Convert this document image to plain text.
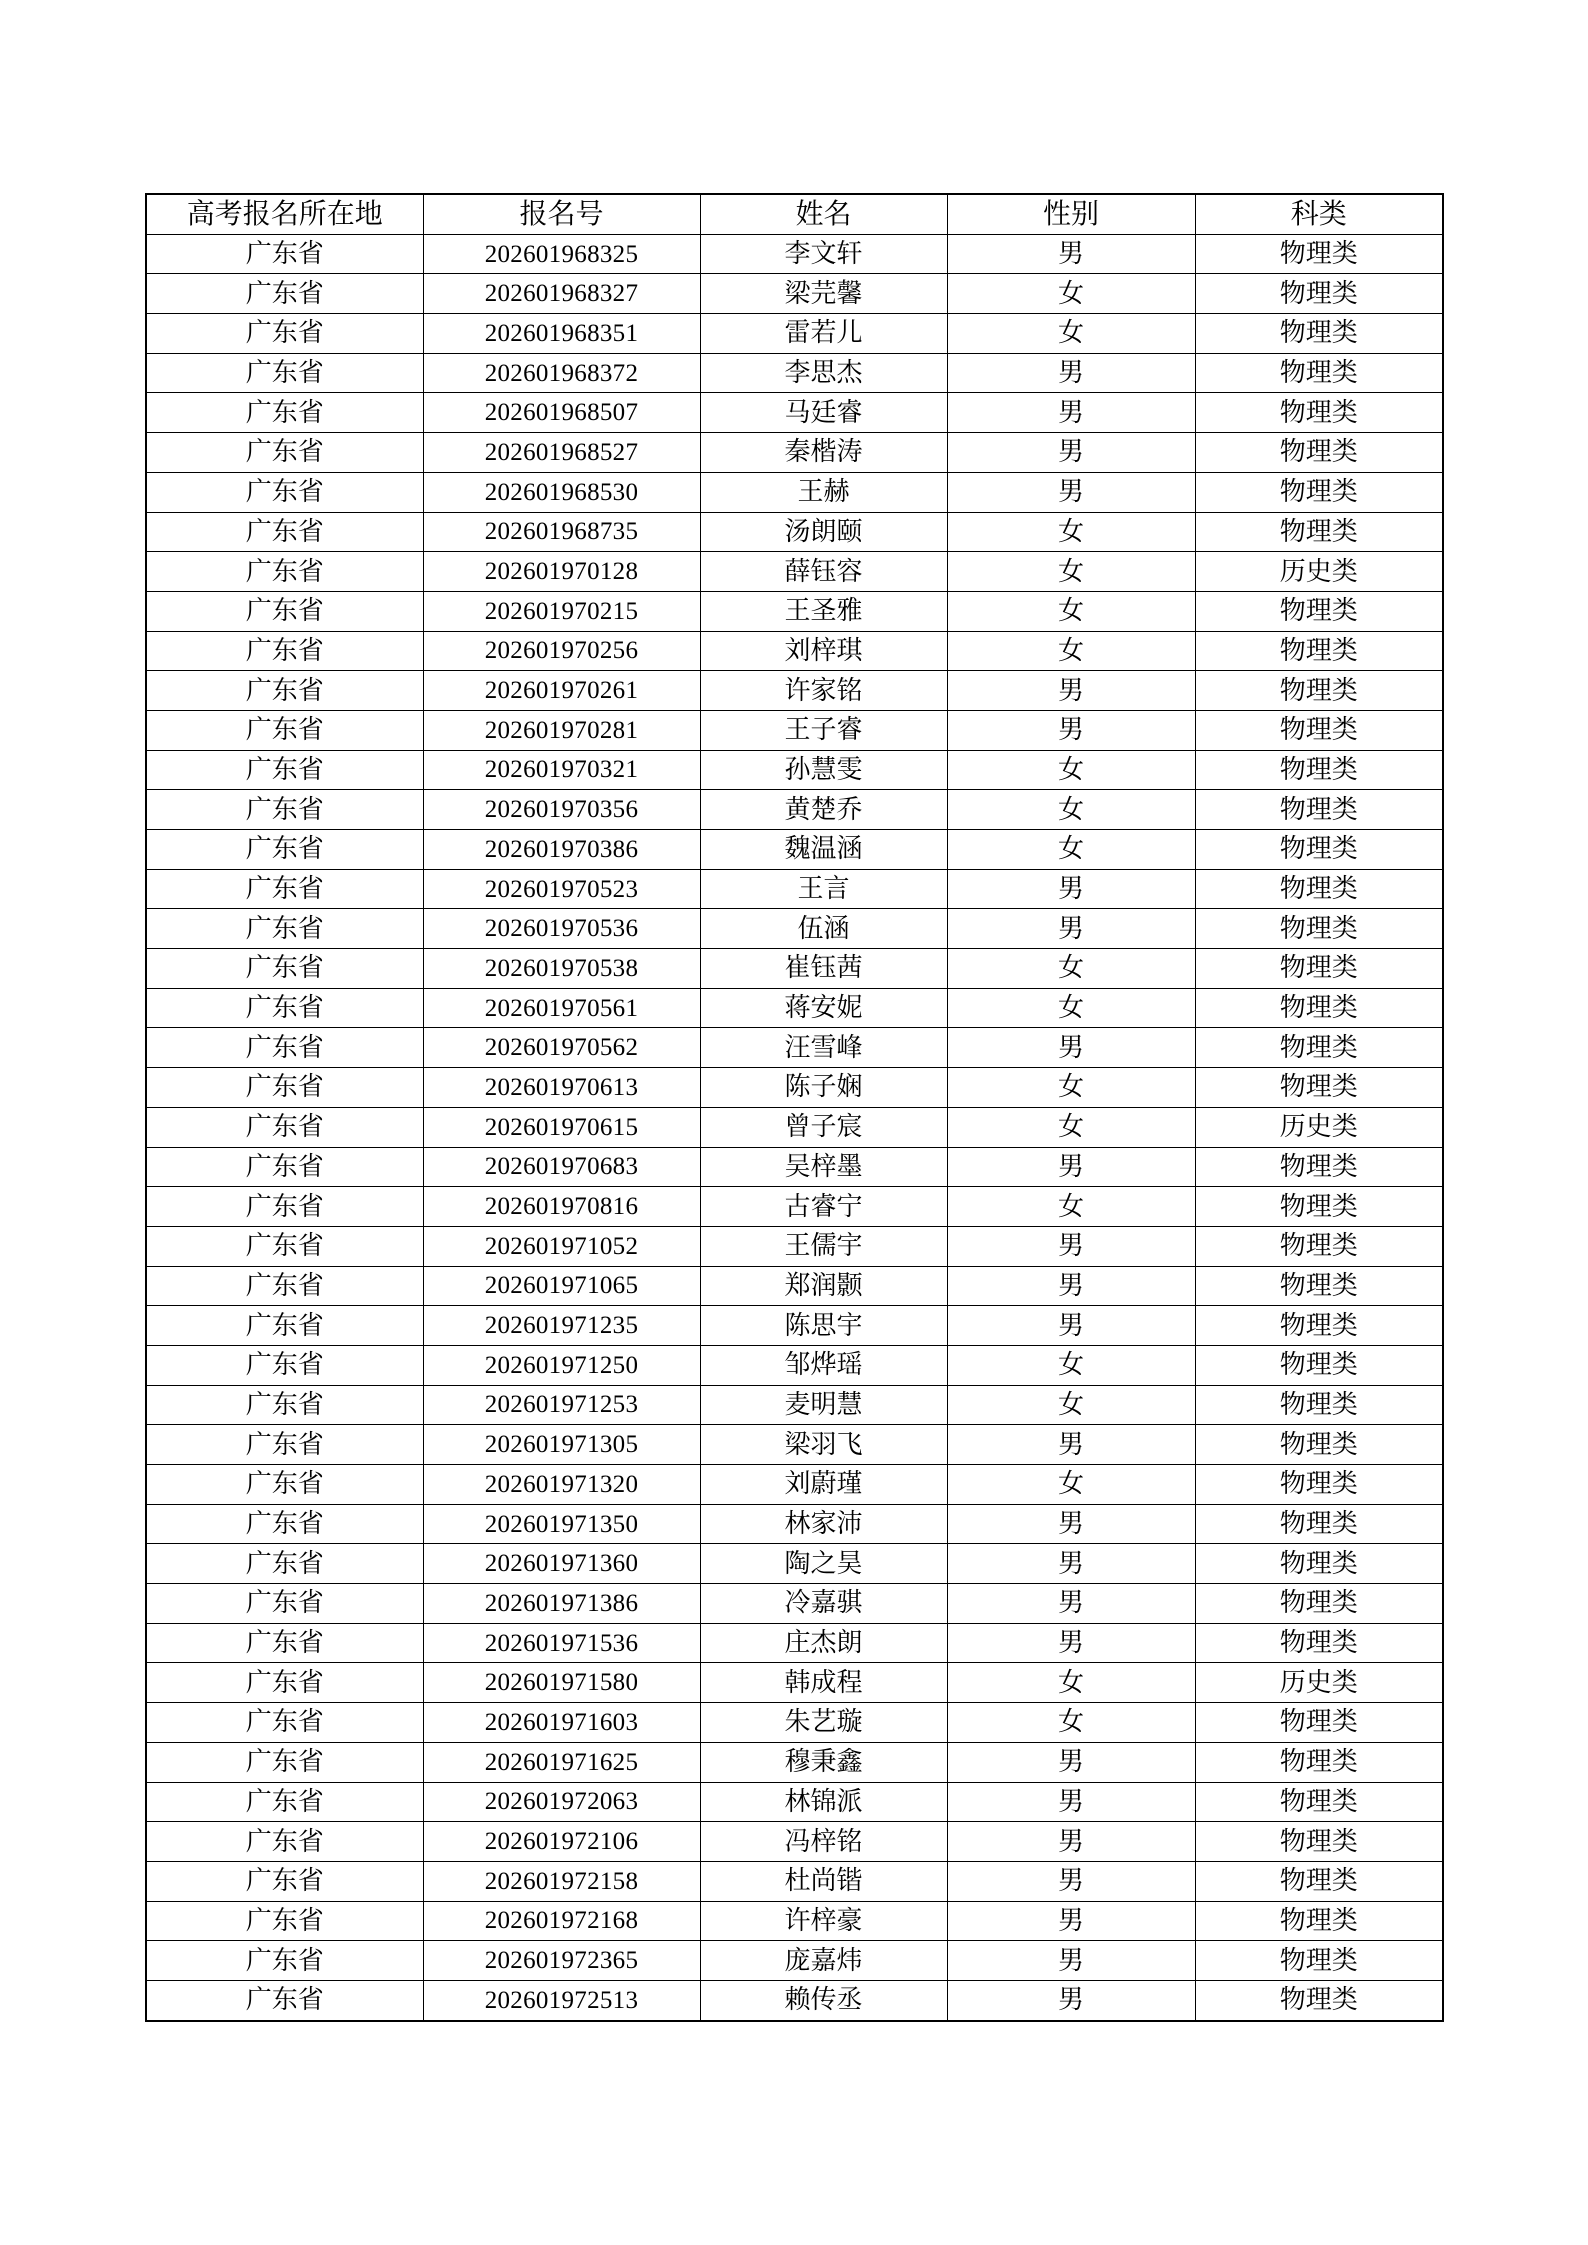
高考报名所在地	报名号	姓名	性别	科类
广东省	202601968325	李文轩	男	物理类
广东省	202601968327	梁芫馨	女	物理类
广东省	202601968351	雷若儿	女	物理类
广东省	202601968372	李思杰	男	物理类
广东省	202601968507	马廷睿	男	物理类
广东省	202601968527	秦楷涛	男	物理类
广东省	202601968530	王赫	男	物理类
广东省	202601968735	汤朗颐	女	物理类
广东省	202601970128	薛钰容	女	历史类
广东省	202601970215	王圣雅	女	物理类
广东省	202601970256	刘梓琪	女	物理类
广东省	202601970261	许家铭	男	物理类
广东省	202601970281	王子睿	男	物理类
广东省	202601970321	孙慧雯	女	物理类
广东省	202601970356	黄楚乔	女	物理类
广东省	202601970386	魏温涵	女	物理类
广东省	202601970523	王言	男	物理类
广东省	202601970536	伍涵	男	物理类
广东省	202601970538	崔钰茜	女	物理类
广东省	202601970561	蒋安妮	女	物理类
广东省	202601970562	汪雪峰	男	物理类
广东省	202601970613	陈子娴	女	物理类
广东省	202601970615	曾子宸	女	历史类
广东省	202601970683	吴梓墨	男	物理类
广东省	202601970816	古睿宁	女	物理类
广东省	202601971052	王儒宇	男	物理类
广东省	202601971065	郑润颢	男	物理类
广东省	202601971235	陈思宇	男	物理类
广东省	202601971250	邹烨瑶	女	物理类
广东省	202601971253	麦明慧	女	物理类
广东省	202601971305	梁羽飞	男	物理类
广东省	202601971320	刘蔚瑾	女	物理类
广东省	202601971350	林家沛	男	物理类
广东省	202601971360	陶之昊	男	物理类
广东省	202601971386	冷嘉骐	男	物理类
广东省	202601971536	庄杰朗	男	物理类
广东省	202601971580	韩成程	女	历史类
广东省	202601971603	朱艺璇	女	物理类
广东省	202601971625	穆秉鑫	男	物理类
广东省	202601972063	林锦派	男	物理类
广东省	202601972106	冯梓铭	男	物理类
广东省	202601972158	杜尚锴	男	物理类
广东省	202601972168	许梓豪	男	物理类
广东省	202601972365	庞嘉炜	男	物理类
广东省	202601972513	赖传丞	男	物理类
